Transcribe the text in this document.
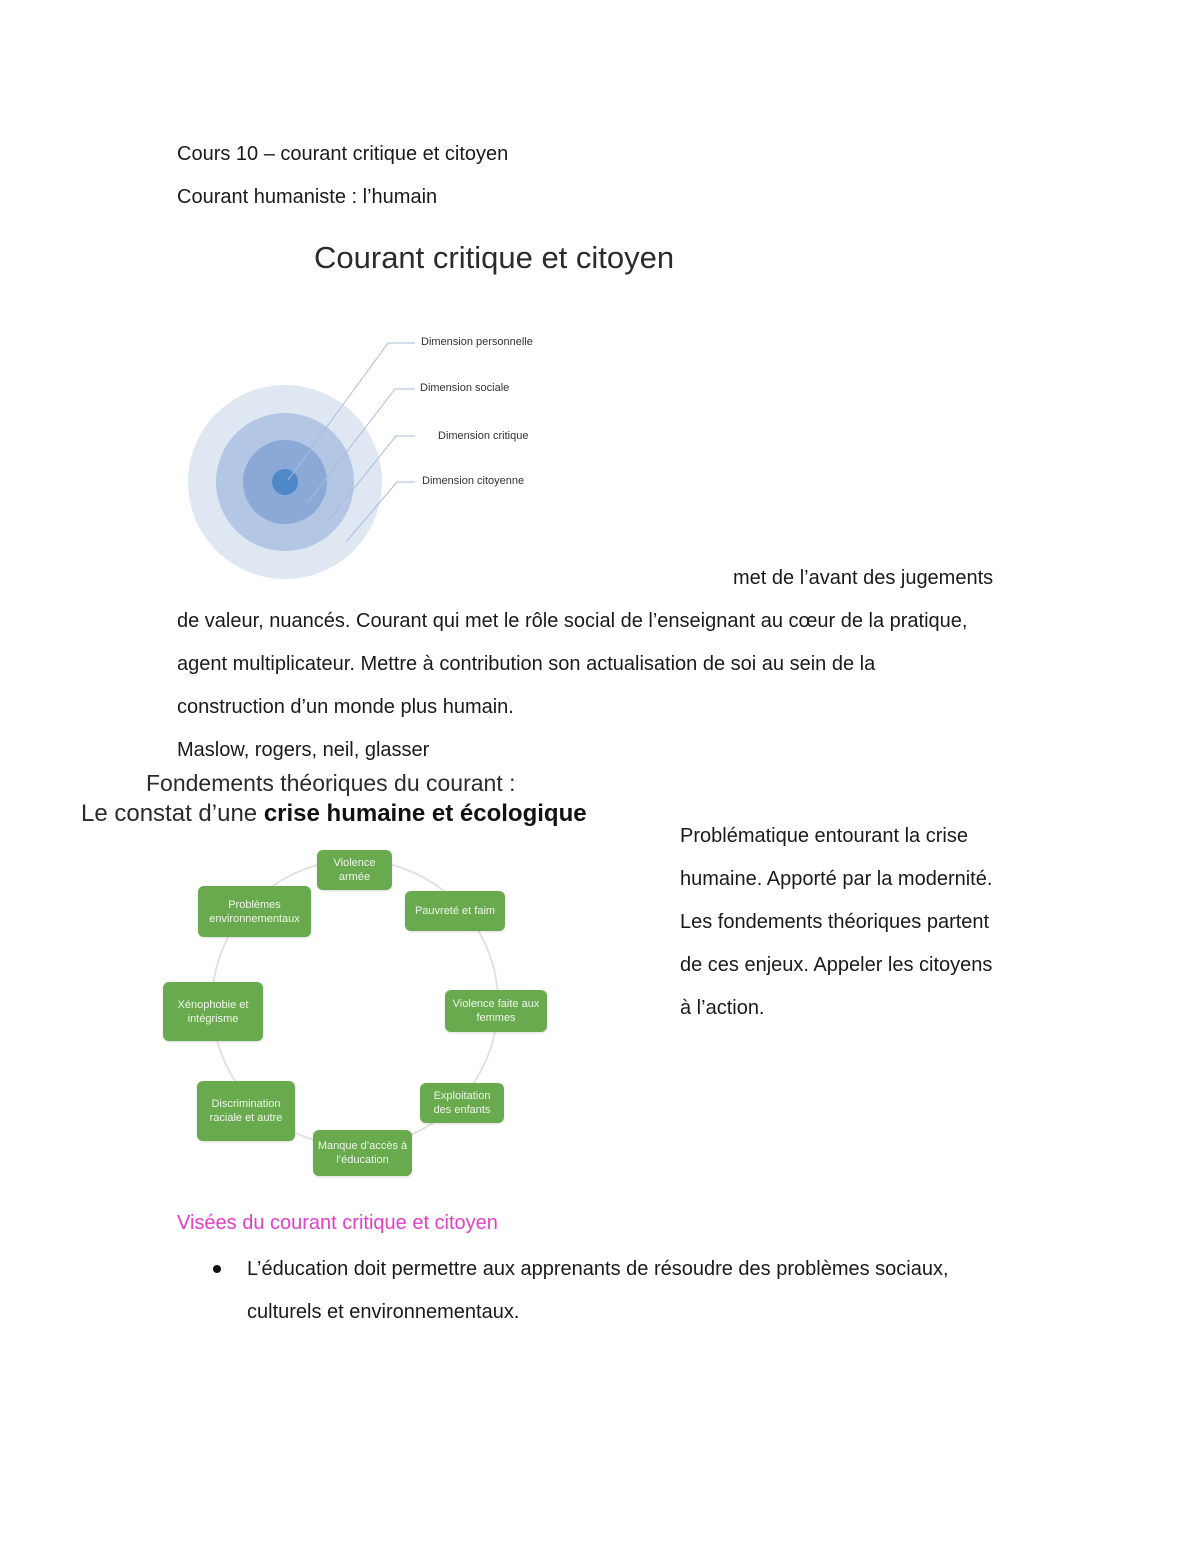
Cours 10 – courant critique et citoyen
Courant humaniste : l’humain
Courant critique et citoyen
Dimension personnelle
Dimension sociale
Dimension critique
Dimension citoyenne
met de l’avant des jugements
de valeur, nuancés. Courant qui met le rôle social de l’enseignant au cœur de la pratique,
agent multiplicateur. Mettre à contribution son actualisation de soi au sein de la
construction d’un monde plus humain.
Maslow, rogers, neil, glasser
Fondements théoriques du courant :
Le constat d’une crise humaine et écologique
Violence armée
Pauvreté et faim
Violence faite aux femmes
Exploitation des enfants
Manque d’accès à l’éducation
Discrimination raciale et autre
Xénophobie et intégrisme
Problèmes environnementaux
Problématique entourant la crise
humaine. Apporté par la modernité.
Les fondements théoriques partent
de ces enjeux. Appeler les citoyens
à l’action.
Visées du courant critique et citoyen
L’éducation doit permettre aux apprenants de résoudre des problèmes sociaux,
culturels et environnementaux.
